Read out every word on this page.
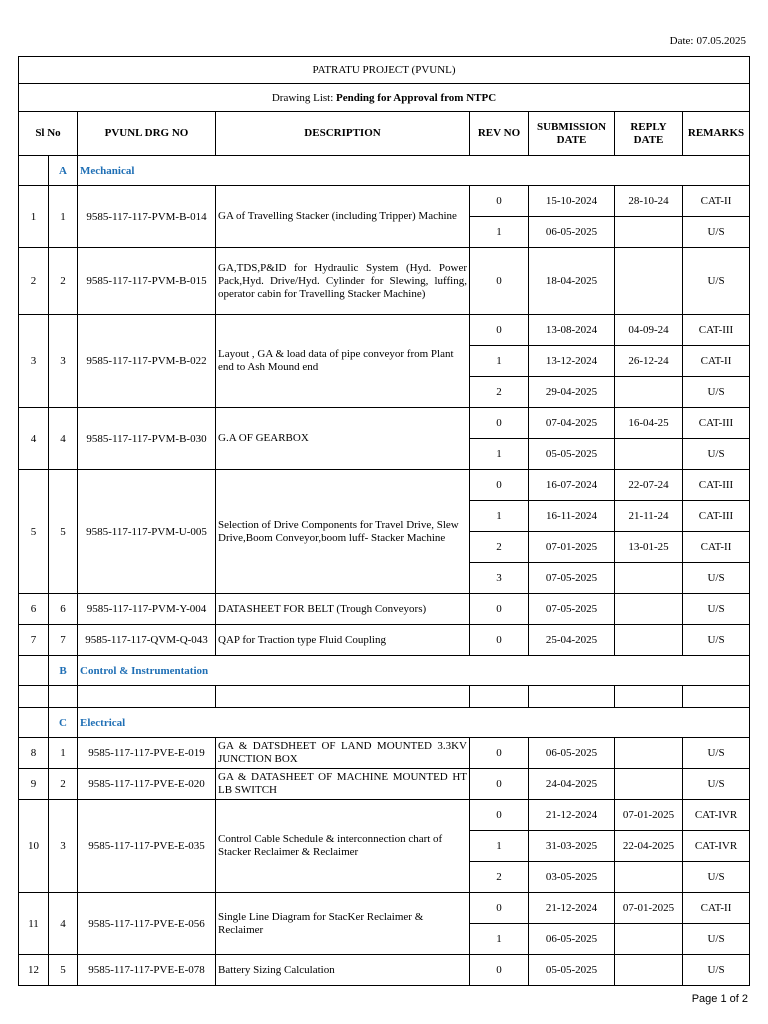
Date: 07.05.2025
PATRATU PROJECT (PVUNL)							
Drawing List: Pending for Approval from NTPC							
Sl No		PVUNL DRG NO	DESCRIPTION	REV NO	SUBMISSION DATE	REPLY DATE	REMARKS
	A	Mechanical					
1	1	9585-117-117-PVM-B-014	GA of Travelling Stacker (including Tripper) Machine	0	15-10-2024	28-10-24	CAT-II
				1	06-05-2025		U/S
2	2	9585-117-117-PVM-B-015	GA,TDS,P&ID for Hydraulic System (Hyd. Power Pack,Hyd. Drive/Hyd. Cylinder for Slewing, luffing, operator cabin for Travelling Stacker Machine)	0	18-04-2025		U/S
3	3	9585-117-117-PVM-B-022	Layout , GA & load data of pipe conveyor from Plant end to Ash Mound end	0	13-08-2024	04-09-24	CAT-III
				1	13-12-2024	26-12-24	CAT-II
				2	29-04-2025		U/S
4	4	9585-117-117-PVM-B-030	G.A OF GEARBOX	0	07-04-2025	16-04-25	CAT-III
				1	05-05-2025		U/S
5	5	9585-117-117-PVM-U-005	Selection of Drive Components for Travel Drive, Slew Drive,Boom Conveyor,boom luff- Stacker Machine	0	16-07-2024	22-07-24	CAT-III
				1	16-11-2024	21-11-24	CAT-III
				2	07-01-2025	13-01-25	CAT-II
				3	07-05-2025		U/S
6	6	9585-117-117-PVM-Y-004	DATASHEET FOR BELT (Trough Conveyors)	0	07-05-2025		U/S
7	7	9585-117-117-QVM-Q-043	QAP for Traction type Fluid Coupling	0	25-04-2025		U/S
	B	Control & Instrumentation					

	C	Electrical					
8	1	9585-117-117-PVE-E-019	GA & DATSDHEET OF LAND MOUNTED 3.3KV JUNCTION BOX	0	06-05-2025		U/S
9	2	9585-117-117-PVE-E-020	GA & DATASHEET OF MACHINE MOUNTED HT LB SWITCH	0	24-04-2025		U/S
10	3	9585-117-117-PVE-E-035	Control Cable Schedule & interconnection chart of Stacker Reclaimer & Reclaimer	0	21-12-2024	07-01-2025	CAT-IVR
				1	31-03-2025	22-04-2025	CAT-IVR
				2	03-05-2025		U/S
11	4	9585-117-117-PVE-E-056	Single Line Diagram for StacKer Reclaimer & Reclaimer	0	21-12-2024	07-01-2025	CAT-II
				1	06-05-2025		U/S
12	5	9585-117-117-PVE-E-078	Battery Sizing Calculation	0	05-05-2025		U/S
Page 1 of 2
